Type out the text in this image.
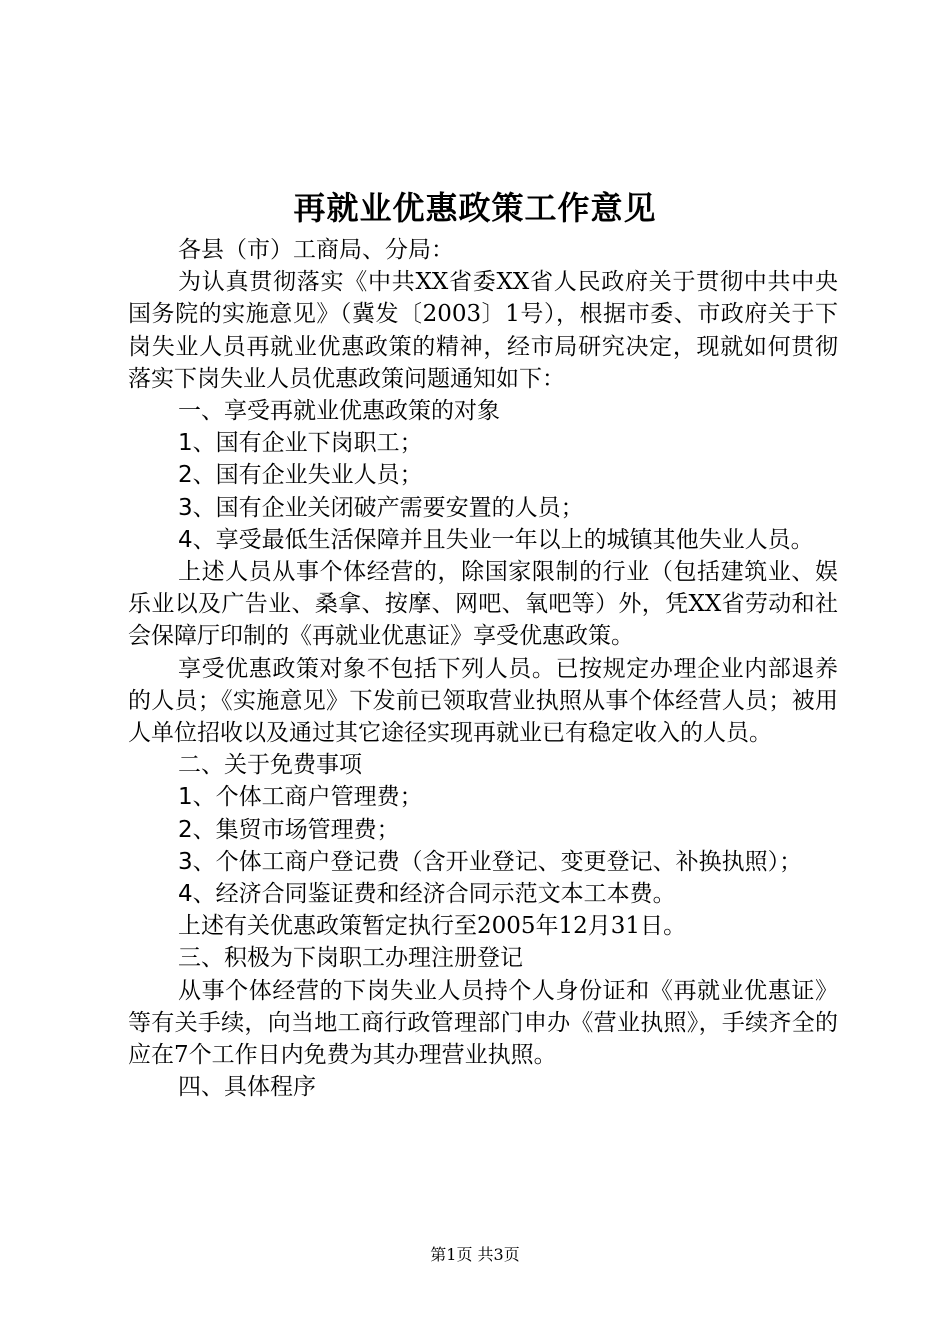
再就业优惠政策工作意见

各县（市）工商局、分局：

为认真贯彻落实《中共XX省委XX省人民政府关于贯彻中共中央国务院的实施意见》（冀发〔2003〕1号），根据市委、市政府关于下岗失业人员再就业优惠政策的精神，经市局研究决定，现就如何贯彻落实下岗失业人员优惠政策问题通知如下：

一、享受再就业优惠政策的对象

1、国有企业下岗职工；

2、国有企业失业人员；

3、国有企业关闭破产需要安置的人员；

4、享受最低生活保障并且失业一年以上的城镇其他失业人员。

上述人员从事个体经营的，除国家限制的行业（包括建筑业、娱乐业以及广告业、桑拿、按摩、网吧、氧吧等）外，凭XX省劳动和社会保障厅印制的《再就业优惠证》享受优惠政策。

享受优惠政策对象不包括下列人员。已按规定办理企业内部退养的人员；《实施意见》下发前已领取营业执照从事个体经营人员；被用人单位招收以及通过其它途径实现再就业已有稳定收入的人员。

二、关于免费事项

1、个体工商户管理费；

2、集贸市场管理费；

3、个体工商户登记费（含开业登记、变更登记、补换执照）；

4、经济合同鉴证费和经济合同示范文本工本费。

上述有关优惠政策暂定执行至2005年12月31日。

三、积极为下岗职工办理注册登记

从事个体经营的下岗失业人员持个人身份证和《再就业优惠证》等有关手续，向当地工商行政管理部门申办《营业执照》，手续齐全的应在7个工作日内免费为其办理营业执照。

四、具体程序

第1页 共3页
